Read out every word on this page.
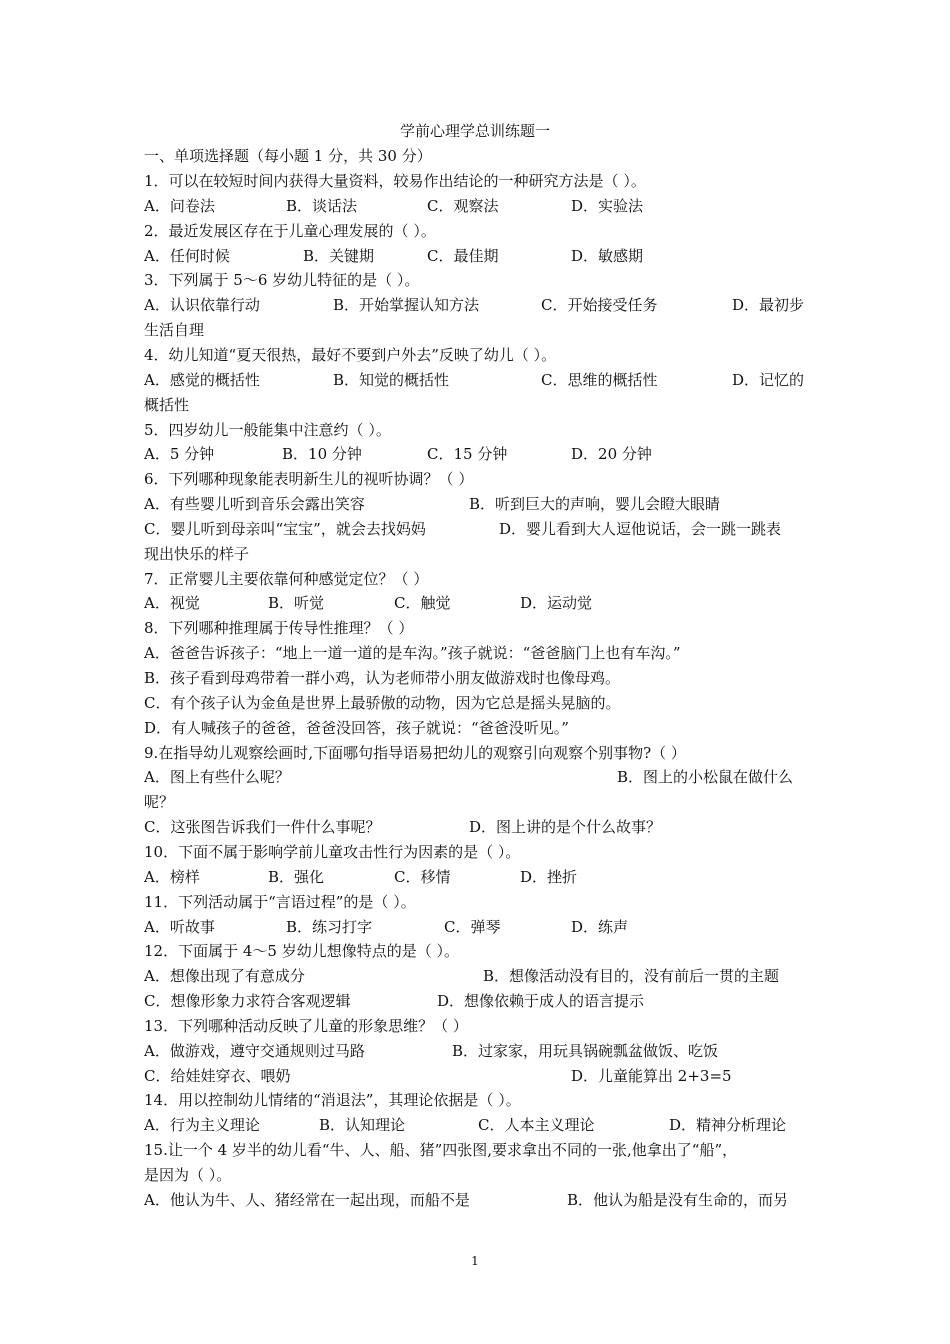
学前心理学总训练题一
一、单项选择题（每小题 1 分，共 30 分）
1．可以在较短时间内获得大量资料，较易作出结论的一种研究方法是（ ）。
A．问卷法	B．谈话法	C．观察法	D．实验法
2．最近发展区存在于儿童心理发展的（ ）。
A．任何时候	B．关键期	C．最佳期	D．敏感期
3．下列属于 5～6 岁幼儿特征的是（ ）。
A．认识依靠行动	B．开始掌握认知方法	C．开始接受任务	D．最初步
生活自理
4．幼儿知道“夏天很热，最好不要到户外去”反映了幼儿（ ）。
A．感觉的概括性	B．知觉的概括性	C．思维的概括性	D．记忆的
概括性
5．四岁幼儿一般能集中注意约（ ）。
A．5 分钟	B．10 分钟	C．15 分钟	D．20 分钟
6．下列哪种现象能表明新生儿的视听协调？（ ）
A．有些婴儿听到音乐会露出笑容	B．听到巨大的声响，婴儿会瞪大眼睛
C．婴儿听到母亲叫“宝宝”，就会去找妈妈	D．婴儿看到大人逗他说话，会一跳一跳表
现出快乐的样子
7．正常婴儿主要依靠何种感觉定位？（ ）
A．视觉	B．听觉	C．触觉	D．运动觉
8．下列哪种推理属于传导性推理？（ ）
A．爸爸告诉孩子：“地上一道一道的是车沟。”孩子就说：“爸爸脑门上也有车沟。”
B．孩子看到母鸡带着一群小鸡，认为老师带小朋友做游戏时也像母鸡。
C．有个孩子认为金鱼是世界上最骄傲的动物，因为它总是摇头晃脑的。
D．有人喊孩子的爸爸，爸爸没回答，孩子就说：“爸爸没听见。”
9.在指导幼儿观察绘画时,下面哪句指导语易把幼儿的观察引向观察个别事物?（ ）
A．图上有些什么呢？	B．图上的小松鼠在做什么
呢？
C．这张图告诉我们一件什么事呢？	D．图上讲的是个什么故事？
10．下面不属于影响学前儿童攻击性行为因素的是（ ）。
A．榜样	B．强化	C．移情	D．挫折
11．下列活动属于“言语过程”的是（ ）。
A．听故事	B．练习打字	C．弹琴	D．练声
12．下面属于 4～5 岁幼儿想像特点的是（ ）。
A．想像出现了有意成分	B．想像活动没有目的，没有前后一贯的主题
C．想像形象力求符合客观逻辑	D．想像依赖于成人的语言提示
13．下列哪种活动反映了儿童的形象思维？（ ）
A．做游戏，遵守交通规则过马路	B．过家家，用玩具锅碗瓢盆做饭、吃饭
C．给娃娃穿衣、喂奶	D．儿童能算出 2+3=5
14．用以控制幼儿情绪的“消退法”，其理论依据是（ ）。
A．行为主义理论	B．认知理论	C．人本主义理论	D．精神分析理论
15.让一个 4 岁半的幼儿看“牛、人、船、猪”四张图,要求拿出不同的一张,他拿出了“船”，
是因为（ ）。
A．他认为牛、人、猪经常在一起出现，而船不是	B．他认为船是没有生命的，而另
1
